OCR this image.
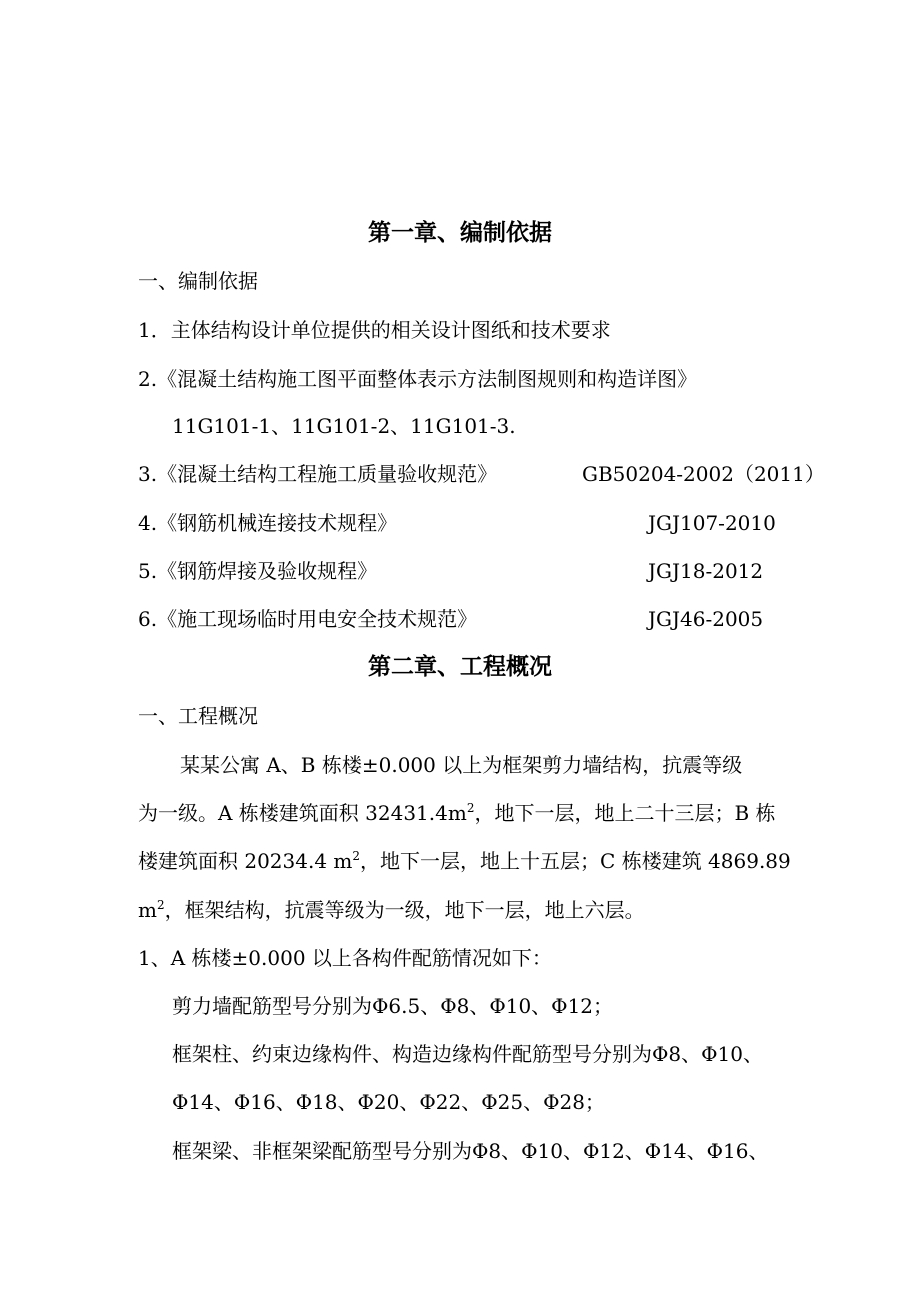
第一章、编制依据
一、编制依据
1．主体结构设计单位提供的相关设计图纸和技术要求
2.《混凝土结构施工图平面整体表示方法制图规则和构造详图》
11G101-1、11G101-2、11G101-3.
3.《混凝土结构工程施工质量验收规范》	GB50204-2002（2011）
4.《钢筋机械连接技术规程》	JGJ107-2010
5.《钢筋焊接及验收规程》	JGJ18-2012
6.《施工现场临时用电安全技术规范》	JGJ46-2005
第二章、工程概况
一、工程概况
某某公寓 A、B 栋楼±0.000 以上为框架剪力墙结构，抗震等级
为一级。A 栋楼建筑面积 $32431.4m^2$，地下一层，地上二十三层；B 栋
楼建筑面积 20234.4 $m^2$，地下一层，地上十五层；C 栋楼建筑 4869.89
$m^2$，框架结构，抗震等级为一级，地下一层，地上六层。
1、A 栋楼±0.000 以上各构件配筋情况如下：
剪力墙配筋型号分别为Φ6.5、Φ8、Φ10、Φ12；
框架柱、约束边缘构件、构造边缘构件配筋型号分别为Φ8、Φ10、
Φ14、Φ16、Φ18、Φ20、Φ22、Φ25、Φ28；
框架梁、非框架梁配筋型号分别为Φ8、Φ10、Φ12、Φ14、Φ16、
